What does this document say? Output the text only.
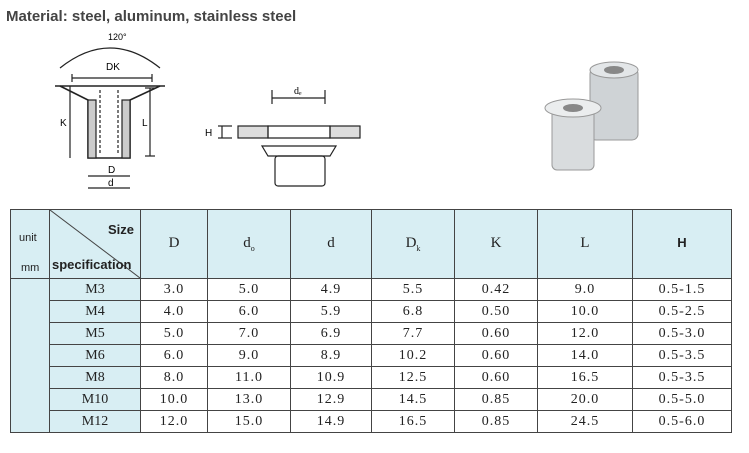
Material: steel, aluminum, stainless steel
120°
DK
K	L
D
d
dₑ
H
unit
mm	Size
specification	D	$d_o$	d	$D_k$	K	L	H
	M3	3.0	5.0	4.9	5.5	0.42	9.0	0.5-1.5
	M4	4.0	6.0	5.9	6.8	0.50	10.0	0.5-2.5
	M5	5.0	7.0	6.9	7.7	0.60	12.0	0.5-3.0
	M6	6.0	9.0	8.9	10.2	0.60	14.0	0.5-3.5
	M8	8.0	11.0	10.9	12.5	0.60	16.5	0.5-3.5
	M10	10.0	13.0	12.9	14.5	0.85	20.0	0.5-5.0
	M12	12.0	15.0	14.9	16.5	0.85	24.5	0.5-6.0
